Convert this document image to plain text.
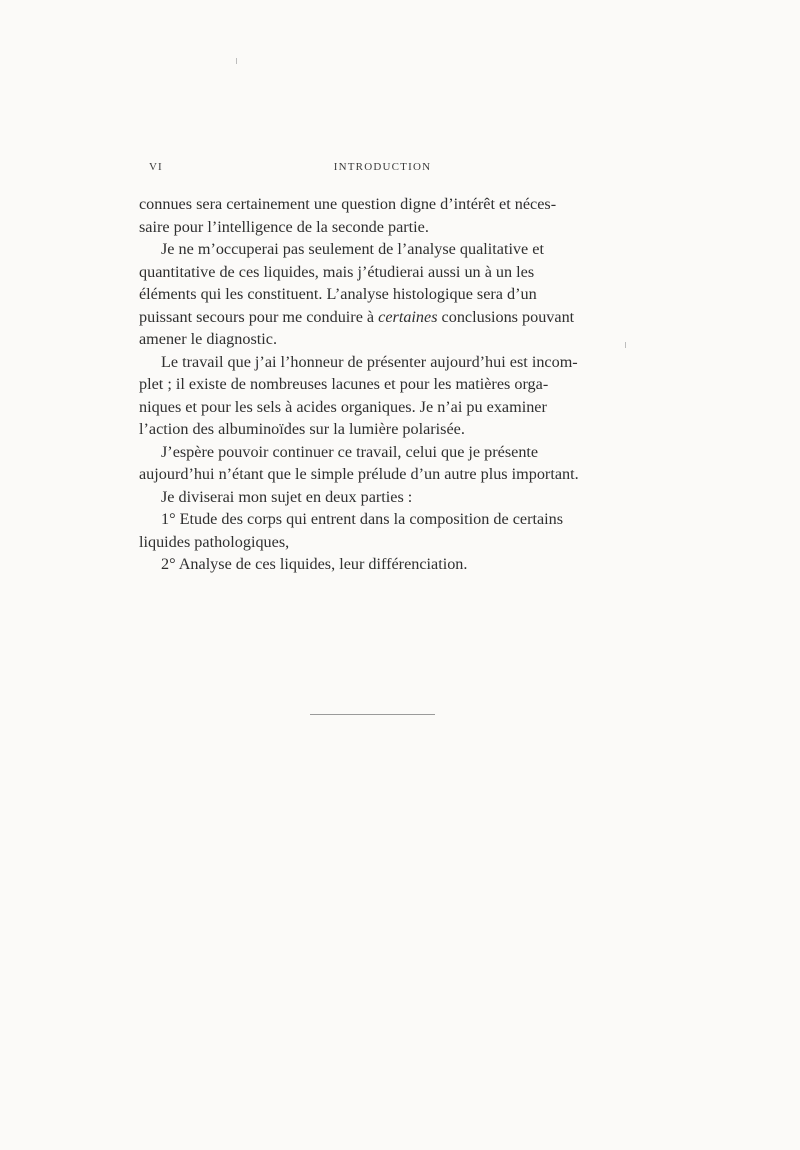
VI	INTRODUCTION

connues sera certainement une question digne d’intérêt et néces-

saire pour l’intelligence de la seconde partie.

Je ne m’occuperai pas seulement de l’analyse qualitative et

quantitative de ces liquides, mais j’étudierai aussi un à un les

éléments qui les constituent. L’analyse histologique sera d’un

puissant secours pour me conduire à certaines conclusions pouvant

amener le diagnostic.

Le travail que j’ai l’honneur de présenter aujourd’hui est incom-

plet ; il existe de nombreuses lacunes et pour les matières orga-

niques et pour les sels à acides organiques. Je n’ai pu examiner

l’action des albuminoïdes sur la lumière polarisée.

J’espère pouvoir continuer ce travail, celui que je présente

aujourd’hui n’étant que le simple prélude d’un autre plus important.

Je diviserai mon sujet en deux parties :

1° Etude des corps qui entrent dans la composition de certains

liquides pathologiques,

2° Analyse de ces liquides, leur différenciation.
